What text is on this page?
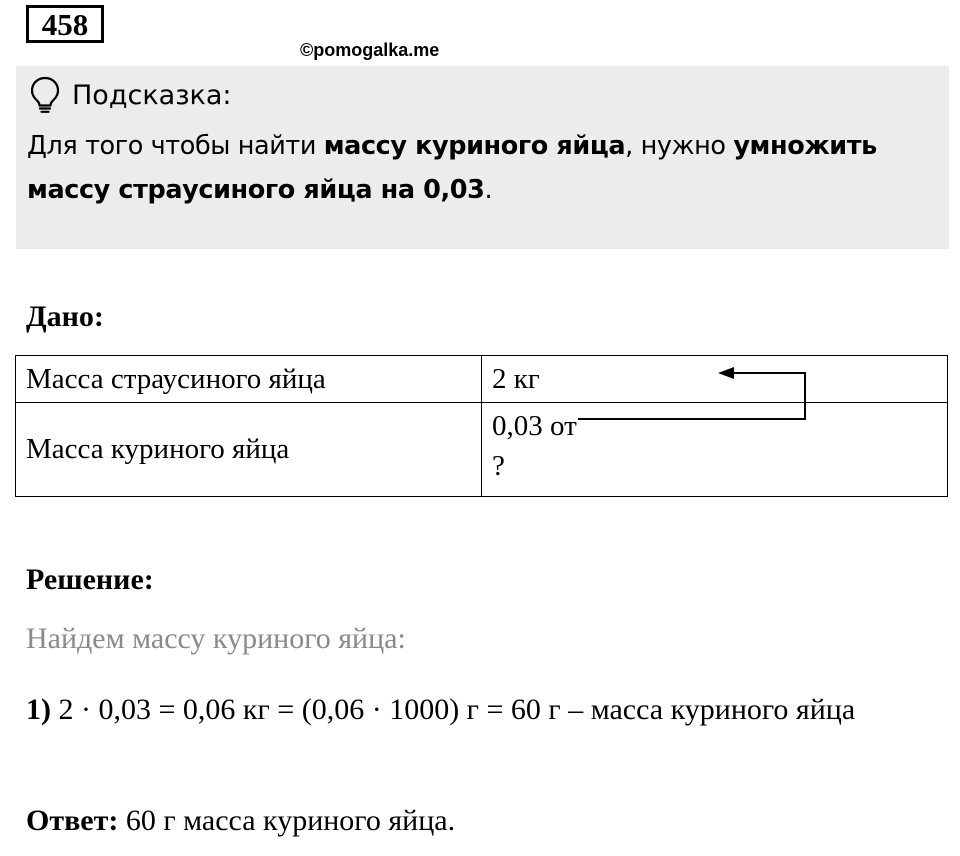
458
©pomogalka.me
Подсказка:
Для того чтобы найти массу куриного яйца, нужно умножить массу страусиного яйца на 0,03.
Дано:
Масса страусиного яйца	2 кг
Масса куриного яйца	0,03 от
?
Решение:
Найдем массу куриного яйца:
1) 2 · 0,03 = 0,06 кг = (0,06 · 1000) г = 60 г – масса куриного яйца
Ответ: 60 г масса куриного яйца.
